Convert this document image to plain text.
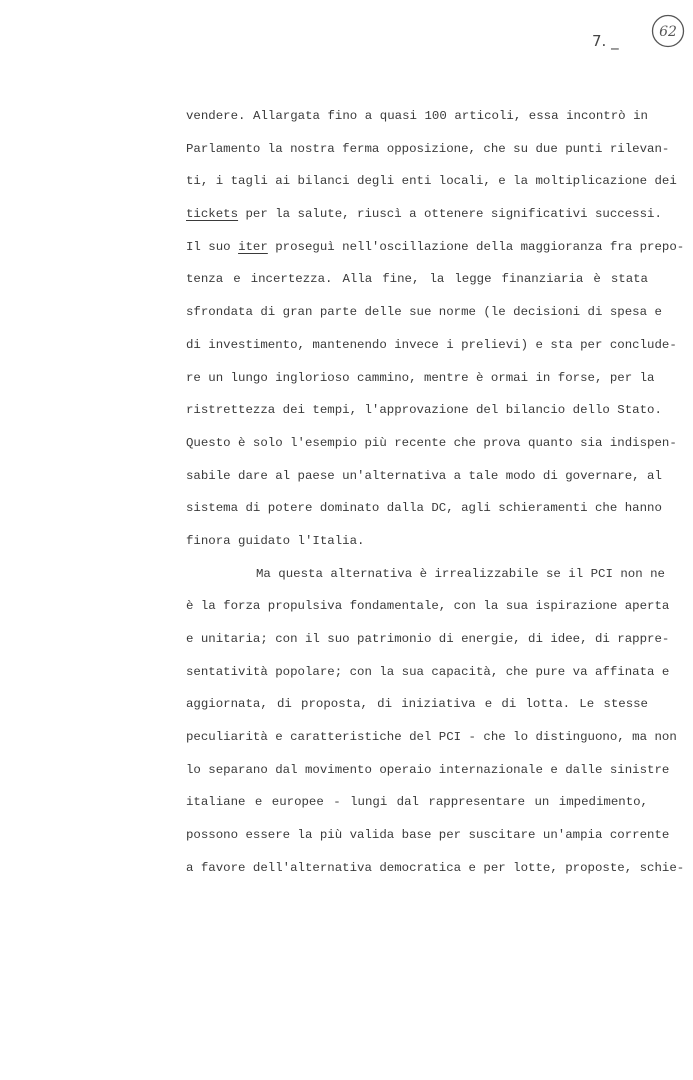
7. _	62
vendere. Allargata fino a quasi 100 articoli, essa incontrò in
Parlamento la nostra ferma opposizione, che su due punti rilevan-
ti, i tagli ai bilanci degli enti locali, e la moltiplicazione dei
tickets per la salute, riuscì a ottenere significativi successi.
Il suo iter proseguì nell'oscillazione della maggioranza fra prepo-
tenza e incertezza. Alla fine, la legge finanziaria è stata
sfrondata di gran parte delle sue norme (le decisioni di spesa e
di investimento, mantenendo invece i prelievi) e sta per conclude-
re un lungo inglorioso cammino, mentre è ormai in forse, per la
ristrettezza dei tempi, l'approvazione del bilancio dello Stato.
Questo è solo l'esempio più recente che prova quanto sia indispen-
sabile dare al paese un'alternativa a tale modo di governare, al
sistema di potere dominato dalla DC, agli schieramenti che hanno
finora guidato l'Italia.
Ma questa alternativa è irrealizzabile se il PCI non ne
è la forza propulsiva fondamentale, con la sua ispirazione aperta
e unitaria; con il suo patrimonio di energie, di idee, di rappre-
sentatività popolare; con la sua capacità, che pure va affinata e
aggiornata, di proposta, di iniziativa e di lotta. Le stesse
peculiarità e caratteristiche del PCI - che lo distinguono, ma non
lo separano dal movimento operaio internazionale e dalle sinistre
italiane e europee - lungi dal rappresentare un impedimento,
possono essere la più valida base per suscitare un'ampia corrente
a favore dell'alternativa democratica e per lotte, proposte, schie-
